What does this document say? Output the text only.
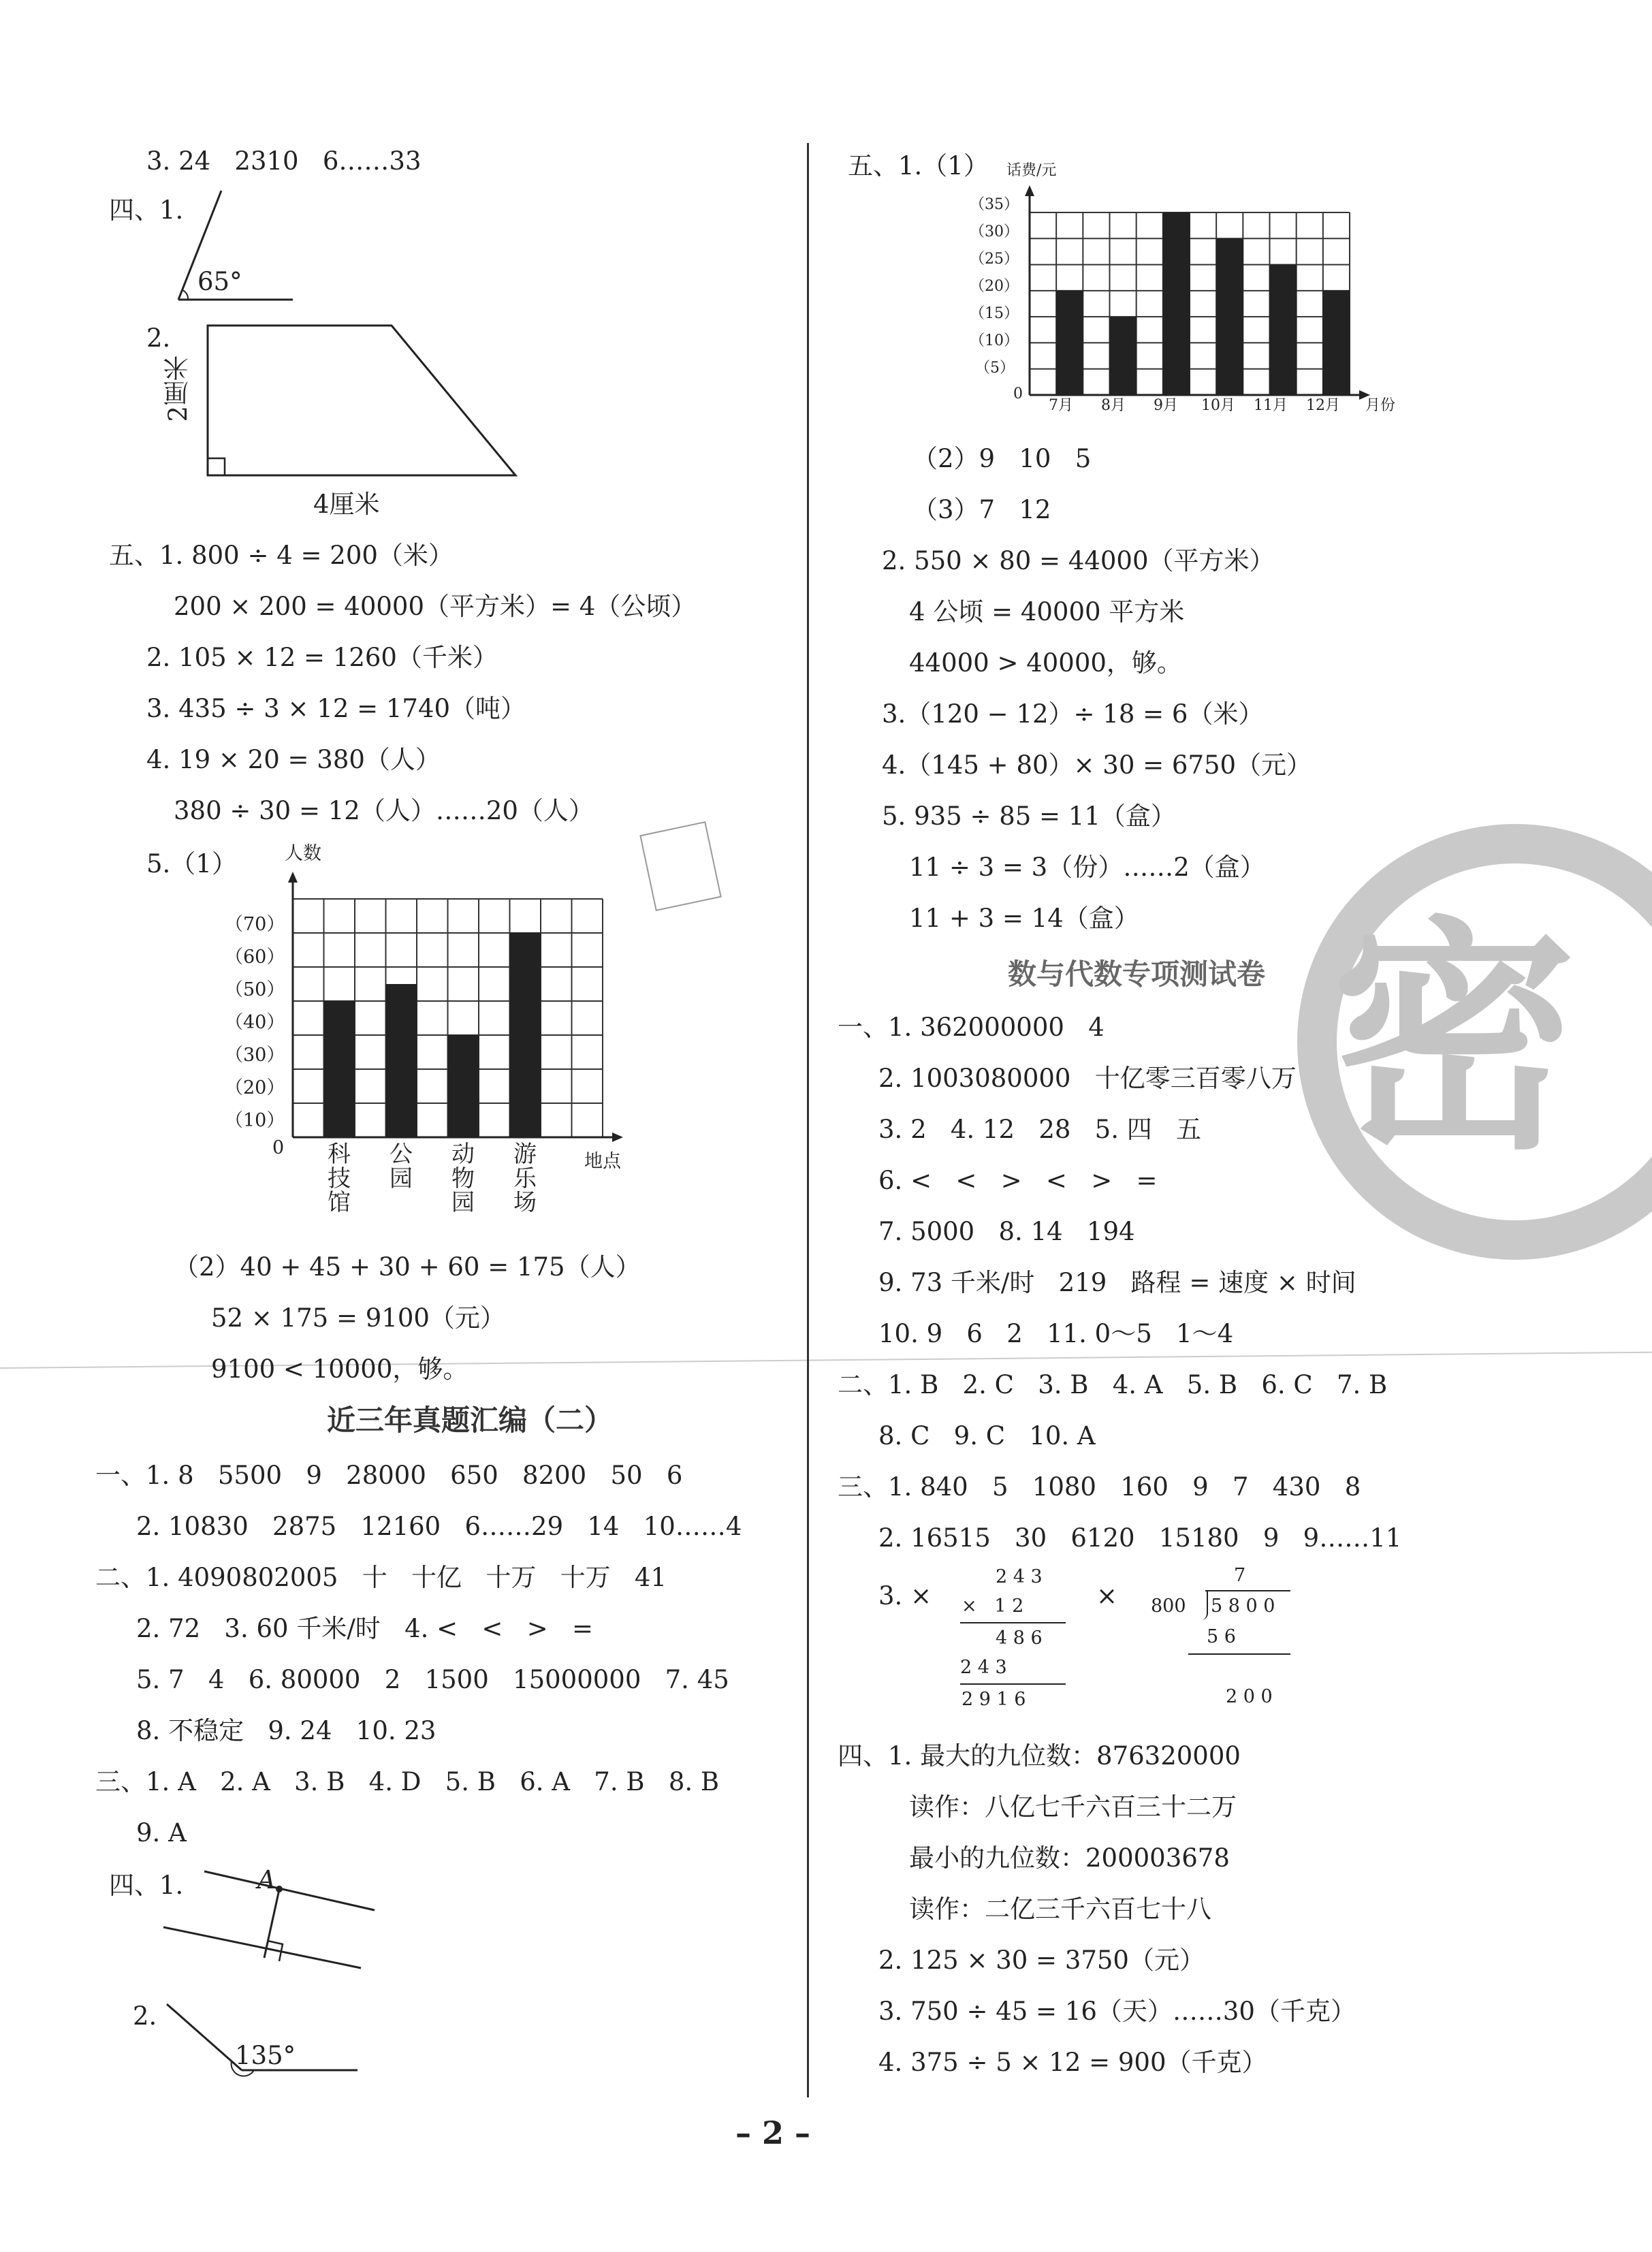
密
3. 24   2310   6……33
四、1.
65°
2.
2厘米
4厘米
五、1. 800 ÷ 4 = 200（米）
200 × 200 = 40000（平方米）= 4（公顷）
2. 105 × 12 = 1260（千米）
3. 435 ÷ 3 × 12 = 1740（吨）
4. 19 × 20 = 380（人）
380 ÷ 30 = 12（人）……20（人）
5.（1）	人数
0
（10）
（20）
（30）
（40）
（50）
（60）
（70）
科技馆
公园
动物园
游乐场
地点
（2）40 + 45 + 30 + 60 = 175（人）
52 × 175 = 9100（元）
9100 < 10000，够。
近三年真题汇编（二）
一、1. 8   5500   9   28000   650   8200   50   6
2. 10830   2875   12160   6……29   14   10……4
二、1. 4090802005   十   十亿   十万   十万   41
2. 72   3. 60 千米/时   4. <   <   >   =
5. 7   4   6. 80000   2   1500   15000000   7. 45
8. 不稳定   9. 24   10. 23
三、1. A   2. A   3. B   4. D   5. B   6. A   7. B   8. B
9. A
四、1.	A
2.
135°
五、1.（1） 话费/元
0
（5）
（10）
（15）
（20）
（25）
（30）
（35）
7月 8月 9月 10月 11月 12月 月份
（2）9   10   5
（3）7   12
2. 550 × 80 = 44000（平方米）
4 公顷 = 40000 平方米
44000 > 40000，够。
3.（120 − 12）÷ 18 = 6（米）
4.（145 + 80）× 30 = 6750（元）
5. 935 ÷ 85 = 11（盒）
11 ÷ 3 = 3（份）……2（盒）
11 + 3 = 14（盒）
数与代数专项测试卷
一、1. 362000000   4
2. 1003080000   十亿零三百零八万
3. 2   4. 12   28   5. 四   五
6. <   <   >   <   >   =
7. 5000   8. 14   194
9. 73 千米/时   219   路程 = 速度 × 时间
10. 9   6   2   11. 0～5   1～4
二、1. B   2. C   3. B   4. A   5. B   6. C   7. B
8. C   9. C   10. A
三、1. 840   5   1080   160   9   7   430   8
2. 16515   30   6120   15180   9   9……11
3. ×	×
2 4 3
×   1 2
4 8 6
2 4 3
2 9 1 6
7
800 5 8 0 0
5 6
2 0 0
四、1. 最大的九位数：876320000
读作：八亿七千六百三十二万
最小的九位数：200003678
读作：二亿三千六百七十八
2. 125 × 30 = 3750（元）
3. 750 ÷ 45 = 16（天）……30（千克）
4. 375 ÷ 5 × 12 = 900（千克）
– 2 –
